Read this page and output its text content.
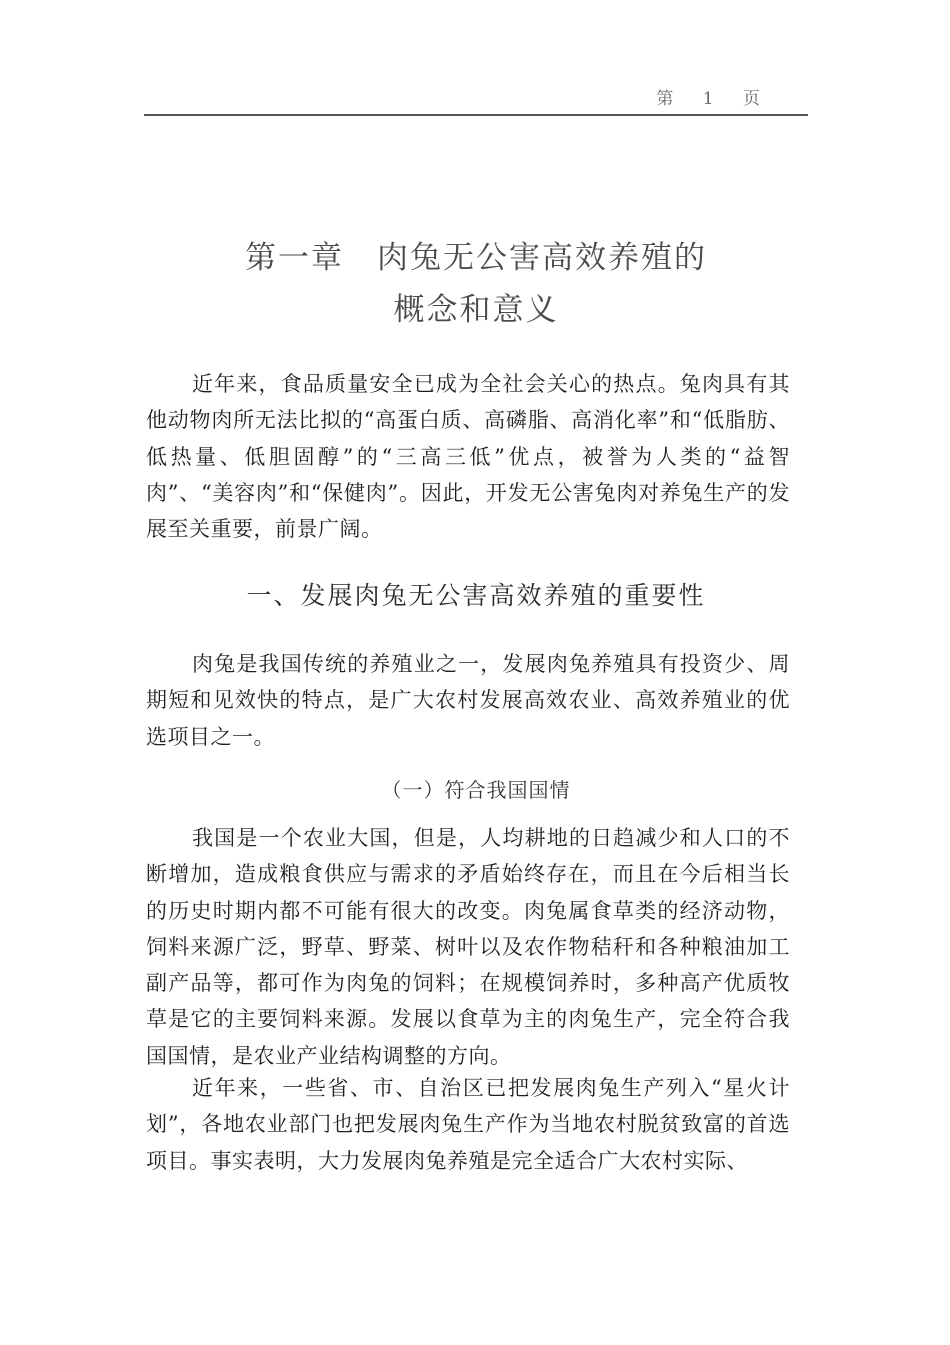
第 1 页
第一章　肉兔无公害高效养殖的
概念和意义

近年来，食品质量安全已成为全社会关心的热点。兔肉具有其他动物肉所无法比拟的“高蛋白质、高磷脂、高消化率”和“低脂肪、低热量、低胆固醇”的“三高三低”优点，被誉为人类的“益智肉”、“美容肉”和“保健肉”。因此，开发无公害兔肉对养兔生产的发展至关重要，前景广阔。

一、发展肉兔无公害高效养殖的重要性

肉兔是我国传统的养殖业之一，发展肉兔养殖具有投资少、周期短和见效快的特点，是广大农村发展高效农业、高效养殖业的优选项目之一。

（一）符合我国国情

我国是一个农业大国，但是，人均耕地的日趋减少和人口的不断增加，造成粮食供应与需求的矛盾始终存在，而且在今后相当长的历史时期内都不可能有很大的改变。肉兔属食草类的经济动物，饲料来源广泛，野草、野菜、树叶以及农作物秸秆和各种粮油加工副产品等，都可作为肉兔的饲料；在规模饲养时，多种高产优质牧草是它的主要饲料来源。发展以食草为主的肉兔生产，完全符合我国国情，是农业产业结构调整的方向。

近年来，一些省、市、自治区已把发展肉兔生产列入“星火计划”，各地农业部门也把发展肉兔生产作为当地农村脱贫致富的首选项目。事实表明，大力发展肉兔养殖是完全适合广大农村实际、
